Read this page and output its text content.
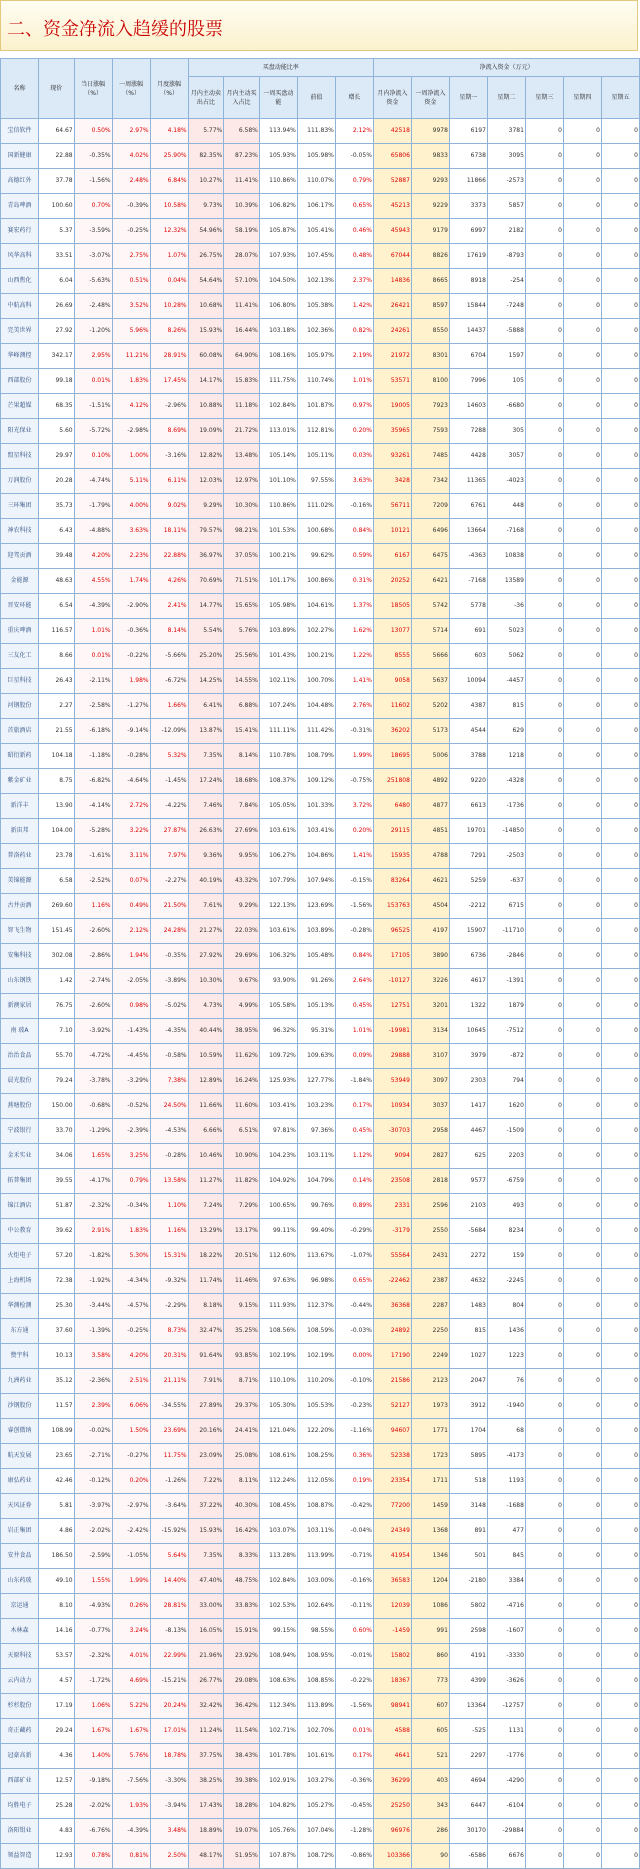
二、资金净流入趋缓的股票
名称	现价	当日涨幅（%）	一周涨幅（%）	月度涨幅（%）	买盘动能比率					净流入资金（万元）						
					月内主动卖出占比	月内主动买入占比	一周买盘动能	前值	增长	月内净流入资金	一周净流入资金	星期一	星期二	星期三	星期四	星期五
宝信软件	64.67	0.50%	2.97%	4.18%	5.77%	6.58%	113.94%	111.83%	2.12%	42518	9978	6197	3781	0	0	0
国新健康	22.88	-0.35%	4.02%	25.90%	82.35%	87.23%	105.93%	105.98%	-0.05%	65806	9833	6738	3095	0	0	0
高德红外	37.78	-1.56%	2.48%	6.84%	10.27%	11.41%	110.86%	110.07%	0.79%	52887	9293	11866	-2573	0	0	0
青岛啤酒	100.60	0.70%	-0.39%	10.58%	9.73%	10.39%	106.82%	106.17%	0.65%	45213	9229	3373	5857	0	0	0
赛宏药行	5.37	-3.59%	-0.25%	12.32%	54.96%	58.19%	105.87%	105.41%	0.46%	45943	9179	6997	2182	0	0	0
风华高科	33.51	-3.07%	2.75%	1.07%	26.75%	28.07%	107.93%	107.45%	0.48%	67044	8826	17619	-8793	0	0	0
山西焦化	6.04	-5.63%	0.51%	0.04%	54.64%	57.10%	104.50%	102.13%	2.37%	14836	8665	8918	-254	0	0	0
中航高科	26.69	-2.48%	3.52%	10.28%	10.68%	11.41%	106.80%	105.38%	1.42%	26421	8597	15844	-7248	0	0	0
完美世界	27.92	-1.20%	5.96%	8.26%	15.93%	16.44%	103.18%	102.36%	0.82%	24261	8550	14437	-5888	0	0	0
华峰测控	342.17	2.95%	11.21%	28.91%	60.08%	64.90%	108.16%	105.97%	2.19%	21972	8301	6704	1597	0	0	0
西部股份	99.18	0.01%	1.83%	17.45%	14.17%	15.83%	111.75%	110.74%	1.01%	53571	8100	7996	105	0	0	0
芒果超媒	68.35	-1.51%	4.12%	-2.96%	10.88%	11.18%	102.84%	101.87%	0.97%	19005	7923	14603	-6680	0	0	0
阳光保业	5.60	-5.72%	-2.98%	8.69%	19.09%	21.72%	113.01%	112.81%	0.20%	35965	7593	7288	305	0	0	0
盟星科技	29.97	0.10%	1.00%	-3.16%	12.82%	13.48%	105.14%	105.11%	0.03%	93261	7485	4428	3057	0	0	0
万润股份	20.28	-4.74%	5.11%	6.11%	12.03%	12.97%	101.10%	97.55%	3.63%	3428	7342	11365	-4023	0	0	0
三环集团	35.73	-1.79%	4.00%	9.02%	9.29%	10.30%	110.86%	111.02%	-0.16%	56711	7209	6761	448	0	0	0
神农科技	6.43	-4.88%	3.63%	18.11%	79.57%	98.21%	101.53%	100.68%	0.84%	10121	6496	13664	-7168	0	0	0
迎驾贡酒	39.48	4.20%	2.23%	22.88%	36.97%	37.05%	100.21%	99.62%	0.59%	6167	6475	-4363	10838	0	0	0
金能源	48.63	4.55%	1.74%	4.26%	70.69%	71.51%	101.17%	100.86%	0.31%	20252	6421	-7168	13589	0	0	0
晋安环能	6.54	-4.39%	-2.90%	2.41%	14.77%	15.65%	105.98%	104.61%	1.37%	18505	5742	5778	-36	0	0	0
重庆啤酒	116.57	1.01%	-0.36%	8.14%	5.54%	5.76%	103.89%	102.27%	1.62%	13077	5714	691	5023	0	0	0
三友化工	8.66	0.01%	-0.22%	-5.66%	25.20%	25.56%	101.43%	100.21%	1.22%	8555	5666	603	5062	0	0	0
巨星科技	26.43	-2.11%	1.98%	-6.72%	14.25%	14.55%	102.11%	100.70%	1.41%	9058	5637	10094	-4457	0	0	0
河钢股份	2.27	-2.58%	-1.27%	1.66%	6.41%	6.88%	107.24%	104.48%	2.76%	11602	5202	4387	815	0	0	0
首旅酒店	21.55	-6.18%	-9.14%	-12.09%	13.87%	15.41%	111.11%	111.42%	-0.31%	36202	5173	4544	629	0	0	0
昭衍新药	104.18	-1.18%	-0.28%	5.32%	7.35%	8.14%	110.78%	108.79%	1.99%	18695	5006	3788	1218	0	0	0
紫金矿业	8.75	-6.82%	-4.64%	-1.45%	17.24%	18.68%	108.37%	109.12%	-0.75%	251808	4892	9220	-4328	0	0	0
新洋丰	13.90	-4.14%	2.72%	-4.22%	7.46%	7.84%	105.05%	101.33%	3.72%	6480	4877	6613	-1736	0	0	0
新宙邦	104.00	-5.28%	3.22%	27.87%	26.63%	27.69%	103.61%	103.41%	0.20%	29115	4851	19701	-14850	0	0	0
普洛药业	23.78	-1.61%	3.11%	7.97%	9.36%	9.95%	106.27%	104.86%	1.41%	15935	4788	7291	-2503	0	0	0
美锦能源	6.58	-2.52%	0.07%	-2.27%	40.19%	43.32%	107.79%	107.94%	-0.15%	83264	4621	5259	-637	0	0	0
古井贡酒	269.60	1.16%	0.49%	21.50%	7.61%	9.29%	122.13%	123.69%	-1.56%	153763	4504	-2212	6715	0	0	0
智飞生物	151.45	-2.60%	2.12%	24.28%	21.27%	22.03%	103.61%	103.89%	-0.28%	96525	4197	15907	-11710	0	0	0
安集科技	302.08	-2.86%	1.94%	-0.35%	27.92%	29.69%	106.32%	105.48%	0.84%	17105	3890	6736	-2846	0	0	0
山东钢铁	1.42	-2.74%	-2.05%	-3.89%	10.30%	9.67%	93.90%	91.26%	2.64%	-10127	3226	4617	-1391	0	0	0
新澳家居	76.75	-2.60%	0.98%	-5.02%	4.73%	4.99%	105.58%	105.13%	0.45%	12751	3201	1322	1879	0	0	0
南 玻A	7.10	-3.92%	-1.43%	-4.35%	40.44%	38.95%	96.32%	95.31%	1.01%	-19981	3134	10645	-7512	0	0	0
治治食品	55.70	-4.72%	-4.45%	-0.58%	10.59%	11.62%	109.72%	109.63%	0.09%	29888	3107	3979	-872	0	0	0
晨光股份	79.24	-3.78%	-3.29%	7.38%	12.89%	16.24%	125.93%	127.77%	-1.84%	53949	3097	2303	794	0	0	0
燕塘股份	150.00	-0.68%	-0.52%	24.50%	11.66%	11.60%	103.41%	103.23%	0.17%	10934	3037	1417	1620	0	0	0
宁波银行	33.70	-1.29%	-2.39%	-4.53%	6.66%	6.51%	97.81%	97.36%	0.45%	-30703	2958	4467	-1509	0	0	0
金禾实业	34.06	1.65%	3.25%	-0.28%	10.46%	10.90%	104.23%	103.11%	1.12%	9094	2827	625	2203	0	0	0
拓普集团	39.55	-4.17%	0.79%	13.58%	11.27%	11.82%	104.92%	104.79%	0.14%	23508	2818	9577	-6759	0	0	0
锦江酒店	51.87	-2.32%	-0.34%	1.10%	7.24%	7.29%	100.65%	99.76%	0.89%	2331	2596	2103	493	0	0	0
中公教育	39.62	2.91%	1.83%	1.16%	13.29%	13.17%	99.11%	99.40%	-0.29%	-3179	2550	-5684	8234	0	0	0
火炬电子	57.20	-1.82%	5.30%	15.31%	18.22%	20.51%	112.60%	113.67%	-1.07%	55564	2431	2272	159	0	0	0
上海机场	72.38	-1.92%	-4.34%	-9.32%	11.74%	11.46%	97.63%	96.98%	0.65%	-22462	2387	4632	-2245	0	0	0
华测检测	25.30	-3.44%	-4.57%	-2.29%	8.18%	9.15%	111.93%	112.37%	-0.44%	36368	2287	1483	804	0	0	0
东方通	37.60	-1.39%	-0.25%	8.73%	32.47%	35.25%	108.56%	108.59%	-0.03%	24892	2250	815	1436	0	0	0
赞宇科	10.13	3.58%	4.20%	20.31%	91.64%	93.85%	102.19%	102.19%	0.00%	17190	2249	1027	1223	0	0	0
九洲药业	35.12	-2.36%	2.51%	21.11%	7.91%	8.71%	110.10%	110.20%	-0.10%	21586	2123	2047	76	0	0	0
沙钢股份	11.57	2.39%	6.06%	-34.55%	27.89%	29.37%	105.30%	105.53%	-0.23%	52127	1973	3912	-1940	0	0	0
睿创微纳	108.99	-0.02%	1.50%	23.69%	20.16%	24.41%	121.04%	122.20%	-1.16%	94607	1771	1704	68	0	0	0
航天发展	23.65	-2.71%	-0.27%	11.75%	23.09%	25.08%	108.61%	108.25%	0.36%	52338	1723	5895	-4173	0	0	0
康弘药业	42.46	-0.12%	0.20%	-1.26%	7.22%	8.11%	112.24%	112.05%	0.19%	23354	1711	518	1193	0	0	0
天风证券	5.81	-3.97%	-2.97%	-3.64%	37.22%	40.30%	108.45%	108.87%	-0.42%	77200	1459	3148	-1688	0	0	0
岩正集团	4.86	-2.02%	-2.42%	-15.92%	15.93%	16.42%	103.07%	103.11%	-0.04%	24349	1368	891	477	0	0	0
安井食品	186.50	-2.59%	-1.05%	5.64%	7.35%	8.33%	113.28%	113.99%	-0.71%	41954	1346	501	845	0	0	0
山东药玻	49.10	1.55%	1.99%	14.40%	47.40%	48.75%	102.84%	103.00%	-0.16%	36583	1204	-2180	3384	0	0	0
京运通	8.10	-4.93%	0.26%	28.81%	33.00%	33.83%	102.53%	102.64%	-0.11%	12039	1086	5802	-4716	0	0	0
木林森	14.16	-0.77%	3.24%	-8.13%	16.05%	15.91%	99.15%	98.55%	0.60%	-1459	991	2598	-1607	0	0	0
天原科技	53.57	-2.32%	4.01%	22.99%	21.96%	23.92%	108.94%	108.95%	-0.01%	15802	860	4191	-3330	0	0	0
云内动力	4.57	-1.72%	4.69%	-15.21%	26.77%	29.08%	108.63%	108.85%	-0.22%	18367	773	4399	-3626	0	0	0
杉杉股份	17.19	1.06%	5.22%	20.24%	32.42%	36.42%	112.34%	113.89%	-1.56%	98941	607	13364	-12757	0	0	0
奇正藏药	29.24	1.67%	1.67%	17.01%	11.24%	11.54%	102.71%	102.70%	0.01%	4588	605	-525	1131	0	0	0
冠豪高新	4.36	1.40%	5.76%	18.78%	37.75%	38.43%	101.78%	101.61%	0.17%	4641	521	2297	-1776	0	0	0
西部矿业	12.57	-9.18%	-7.56%	-3.30%	38.25%	39.38%	102.91%	103.27%	-0.36%	36299	403	4694	-4290	0	0	0
均胜电子	25.28	-2.02%	1.93%	-3.94%	17.43%	18.28%	104.82%	105.27%	-0.45%	25250	343	6447	-6104	0	0	0
洛阳钼业	4.83	-6.76%	-4.39%	3.48%	18.89%	19.07%	105.76%	107.04%	-1.28%	96976	286	30170	-29884	0	0	0
领益智造	12.93	0.78%	0.81%	2.50%	48.17%	51.95%	107.87%	108.72%	-0.86%	103366	90	-6586	6676	0	0	0
